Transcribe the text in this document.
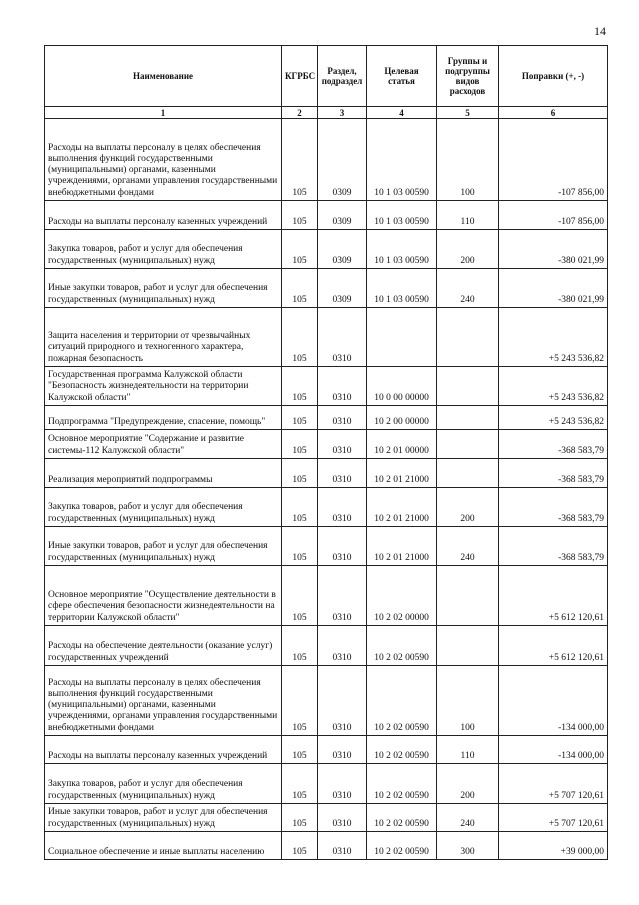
14
Наименование	КГРБС	Раздел, подраздел	Целевая статья	Группы и подгруппы видов расходов	Поправки (+, -)
1	2	3	4	5	6
Расходы на выплаты персоналу в целях обеспечения выполнения функций государственными (муниципальными) органами, казенными учреждениями, органами управления государственными внебюджетными фондами	105	0309	10 1 03 00590	100	-107 856,00
Расходы на выплаты персоналу казенных учреждений	105	0309	10 1 03 00590	110	-107 856,00
Закупка товаров, работ и услуг для обеспечения государственных (муниципальных) нужд	105	0309	10 1 03 00590	200	-380 021,99
Иные закупки товаров, работ и услуг для обеспечения государственных (муниципальных) нужд	105	0309	10 1 03 00590	240	-380 021,99
Защита населения и территории от чрезвычайных ситуаций природного и техногенного характера, пожарная безопасность	105	0310			+5 243 536,82
Государственная программа Калужской области "Безопасность жизнедеятельности на территории Калужской области"	105	0310	10 0 00 00000		+5 243 536,82
Подпрограмма "Предупреждение, спасение, помощь"	105	0310	10 2 00 00000		+5 243 536,82
Основное мероприятие "Содержание и развитие системы-112 Калужской области"	105	0310	10 2 01 00000		-368 583,79
Реализация мероприятий подпрограммы	105	0310	10 2 01 21000		-368 583,79
Закупка товаров, работ и услуг для обеспечения государственных (муниципальных) нужд	105	0310	10 2 01 21000	200	-368 583,79
Иные закупки товаров, работ и услуг для обеспечения государственных (муниципальных) нужд	105	0310	10 2 01 21000	240	-368 583,79
Основное мероприятие "Осуществление деятельности в сфере обеспечения безопасности жизнедеятельности на территории Калужской области"	105	0310	10 2 02 00000		+5 612 120,61
Расходы на обеспечение деятельности (оказание услуг) государственных учреждений	105	0310	10 2 02 00590		+5 612 120,61
Расходы на выплаты персоналу в целях обеспечения выполнения функций государственными (муниципальными) органами, казенными учреждениями, органами управления государственными внебюджетными фондами	105	0310	10 2 02 00590	100	-134 000,00
Расходы на выплаты персоналу казенных учреждений	105	0310	10 2 02 00590	110	-134 000,00
Закупка товаров, работ и услуг для обеспечения государственных (муниципальных) нужд	105	0310	10 2 02 00590	200	+5 707 120,61
Иные закупки товаров, работ и услуг для обеспечения государственных (муниципальных) нужд	105	0310	10 2 02 00590	240	+5 707 120,61
Социальное обеспечение и иные выплаты населению	105	0310	10 2 02 00590	300	+39 000,00
